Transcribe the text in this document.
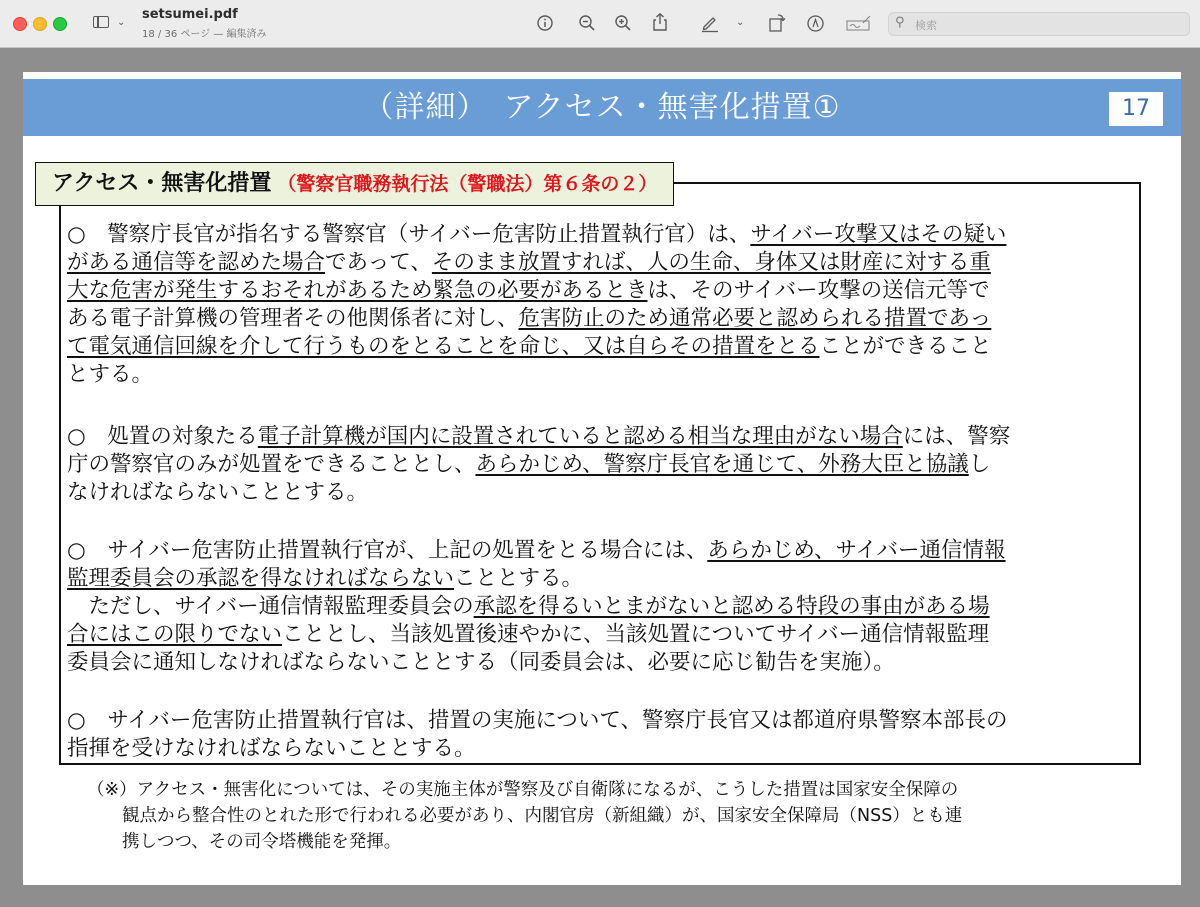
⌄
setsumei.pdf
18 / 36 ページ — 編集済み
⌄	⚲
検索
（詳細）　アクセス・無害化措置①	17
アクセス・無害化措置 （警察官職務執行法（警職法）第６条の２）
○　警察庁長官が指名する警察官（サイバー危害防止措置執行官）は、サイバー攻撃又はその疑い
がある通信等を認めた場合であって、そのまま放置すれば、人の生命、身体又は財産に対する重
大な危害が発生するおそれがあるため緊急の必要があるときは、そのサイバー攻撃の送信元等で
ある電子計算機の管理者その他関係者に対し、危害防止のため通常必要と認められる措置であっ
て電気通信回線を介して行うものをとることを命じ、又は自らその措置をとることができること
とする。
○　処置の対象たる電子計算機が国内に設置されていると認める相当な理由がない場合には、警察
庁の警察官のみが処置をできることとし、あらかじめ、警察庁長官を通じて、外務大臣と協議し
なければならないこととする。
○　サイバー危害防止措置執行官が、上記の処置をとる場合には、あらかじめ、サイバー通信情報
監理委員会の承認を得なければならないこととする。
　ただし、サイバー通信情報監理委員会の承認を得るいとまがないと認める特段の事由がある場
合にはこの限りでないこととし、当該処置後速やかに、当該処置についてサイバー通信情報監理
委員会に通知しなければならないこととする（同委員会は、必要に応じ勧告を実施）。
○　サイバー危害防止措置執行官は、措置の実施について、警察庁長官又は都道府県警察本部長の
指揮を受けなければならないこととする。
（※）アクセス・無害化については、その実施主体が警察及び自衛隊になるが、こうした措置は国家安全保障の
　　観点から整合性のとれた形で行われる必要があり、内閣官房（新組織）が、国家安全保障局（NSS）とも連
　　携しつつ、その司令塔機能を発揮。
